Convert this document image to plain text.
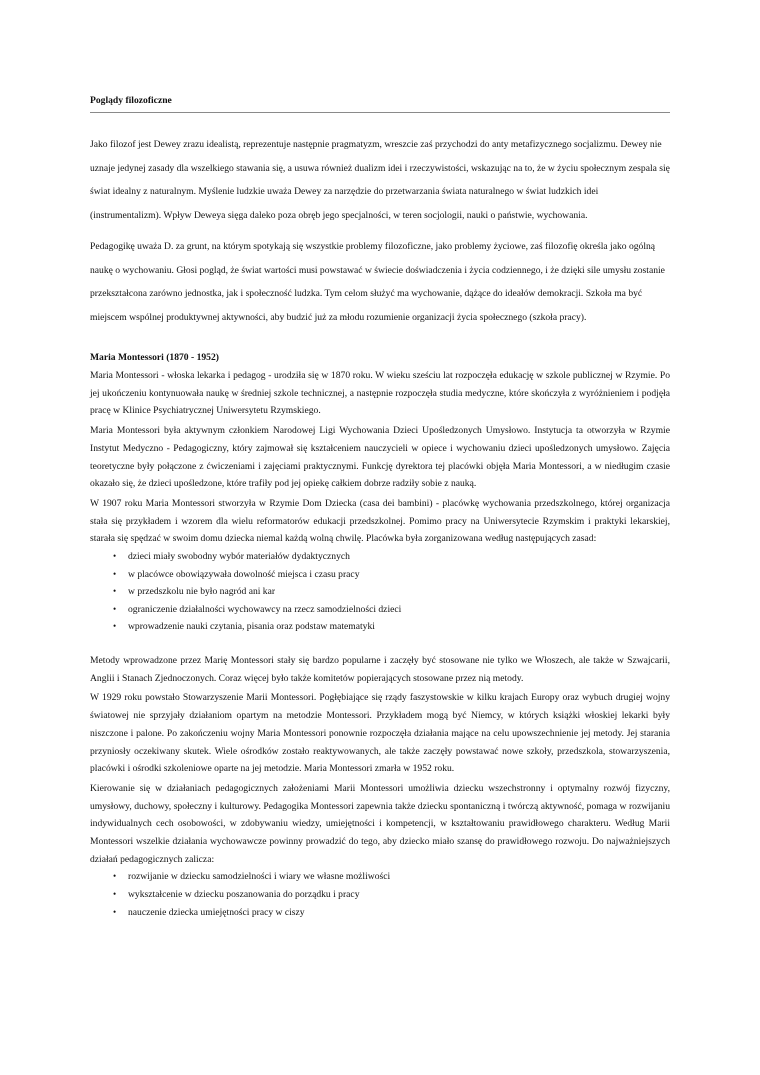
Poglądy filozoficzne

Jako filozof jest Dewey zrazu idealistą, reprezentuje następnie pragmatyzm, wreszcie zaś przychodzi do anty metafizycznego socjalizmu. Dewey nie uznaje jedynej zasady dla wszelkiego stawania się, a usuwa również dualizm idei i rzeczywistości, wskazując na to, że w życiu społecznym zespala się świat idealny z naturalnym. Myślenie ludzkie uważa Dewey za narzędzie do przetwarzania świata naturalnego w świat ludzkich idei (instrumentalizm). Wpływ Deweya sięga daleko poza obręb jego specjalności, w teren socjologii, nauki o państwie, wychowania.

Pedagogikę uważa D. za grunt, na którym spotykają się wszystkie problemy filozoficzne, jako problemy życiowe, zaś filozofię określa jako ogólną naukę o wychowaniu. Głosi pogląd, że świat wartości musi powstawać w świecie doświadczenia i życia codziennego, i że dzięki sile umysłu zostanie przekształcona zarówno jednostka, jak i społeczność ludzka. Tym celom służyć ma wychowanie, dążące do ideałów demokracji. Szkoła ma być miejscem wspólnej produktywnej aktywności, aby budzić już za młodu rozumienie organizacji życia społecznego (szkoła pracy).

Maria Montessori (1870 - 1952)

Maria Montessori - włoska lekarka i pedagog - urodziła się w 1870 roku. W wieku sześciu lat rozpoczęła edukację w szkole publicznej w Rzymie. Po jej ukończeniu kontynuowała naukę w średniej szkole technicznej, a następnie rozpoczęła studia medyczne, które skończyła z wyróżnieniem i podjęła pracę w Klinice Psychiatrycznej Uniwersytetu Rzymskiego.

Maria Montessori była aktywnym członkiem Narodowej Ligi Wychowania Dzieci Upośledzonych Umysłowo. Instytucja ta otworzyła w Rzymie Instytut Medyczno - Pedagogiczny, który zajmował się kształceniem nauczycieli w opiece i wychowaniu dzieci upośledzonych umysłowo. Zajęcia teoretyczne były połączone z ćwiczeniami i zajęciami praktycznymi. Funkcję dyrektora tej placówki objęła Maria Montessori, a w niedługim czasie okazało się, że dzieci upośledzone, które trafiły pod jej opiekę całkiem dobrze radziły sobie z nauką.

W 1907 roku Maria Montessori stworzyła w Rzymie Dom Dziecka (casa dei bambini) - placówkę wychowania przedszkolnego, której organizacja stała się przykładem i wzorem dla wielu reformatorów edukacji przedszkolnej. Pomimo pracy na Uniwersytecie Rzymskim i praktyki lekarskiej, starała się spędzać w swoim domu dziecka niemal każdą wolną chwilę. Placówka była zorganizowana według następujących zasad:

• dzieci miały swobodny wybór materiałów dydaktycznych
• w placówce obowiązywała dowolność miejsca i czasu pracy
• w przedszkolu nie było nagród ani kar
• ograniczenie działalności wychowawcy na rzecz samodzielności dzieci
• wprowadzenie nauki czytania, pisania oraz podstaw matematyki

Metody wprowadzone przez Marię Montessori stały się bardzo popularne i zaczęły być stosowane nie tylko we Włoszech, ale także w Szwajcarii, Anglii i Stanach Zjednoczonych. Coraz więcej było także komitetów popierających stosowane przez nią metody.

W 1929 roku powstało Stowarzyszenie Marii Montessori. Pogłębiające się rządy faszystowskie w kilku krajach Europy oraz wybuch drugiej wojny światowej nie sprzyjały działaniom opartym na metodzie Montessori. Przykładem mogą być Niemcy, w których książki włoskiej lekarki były niszczone i palone. Po zakończeniu wojny Maria Montessori ponownie rozpoczęła działania mające na celu upowszechnienie jej metody. Jej starania przyniosły oczekiwany skutek. Wiele ośrodków zostało reaktywowanych, ale także zaczęły powstawać nowe szkoły, przedszkola, stowarzyszenia, placówki i ośrodki szkoleniowe oparte na jej metodzie. Maria Montessori zmarła w 1952 roku.

Kierowanie się w działaniach pedagogicznych założeniami Marii Montessori umożliwia dziecku wszechstronny i optymalny rozwój fizyczny, umysłowy, duchowy, społeczny i kulturowy. Pedagogika Montessori zapewnia także dziecku spontaniczną i twórczą aktywność, pomaga w rozwijaniu indywidualnych cech osobowości, w zdobywaniu wiedzy, umiejętności i kompetencji, w kształtowaniu prawidłowego charakteru. Według Marii Montessori wszelkie działania wychowawcze powinny prowadzić do tego, aby dziecko miało szansę do prawidłowego rozwoju. Do najważniejszych działań pedagogicznych zalicza:

• rozwijanie w dziecku samodzielności i wiary we własne możliwości
• wykształcenie w dziecku poszanowania do porządku i pracy
• nauczenie dziecka umiejętności pracy w ciszy
